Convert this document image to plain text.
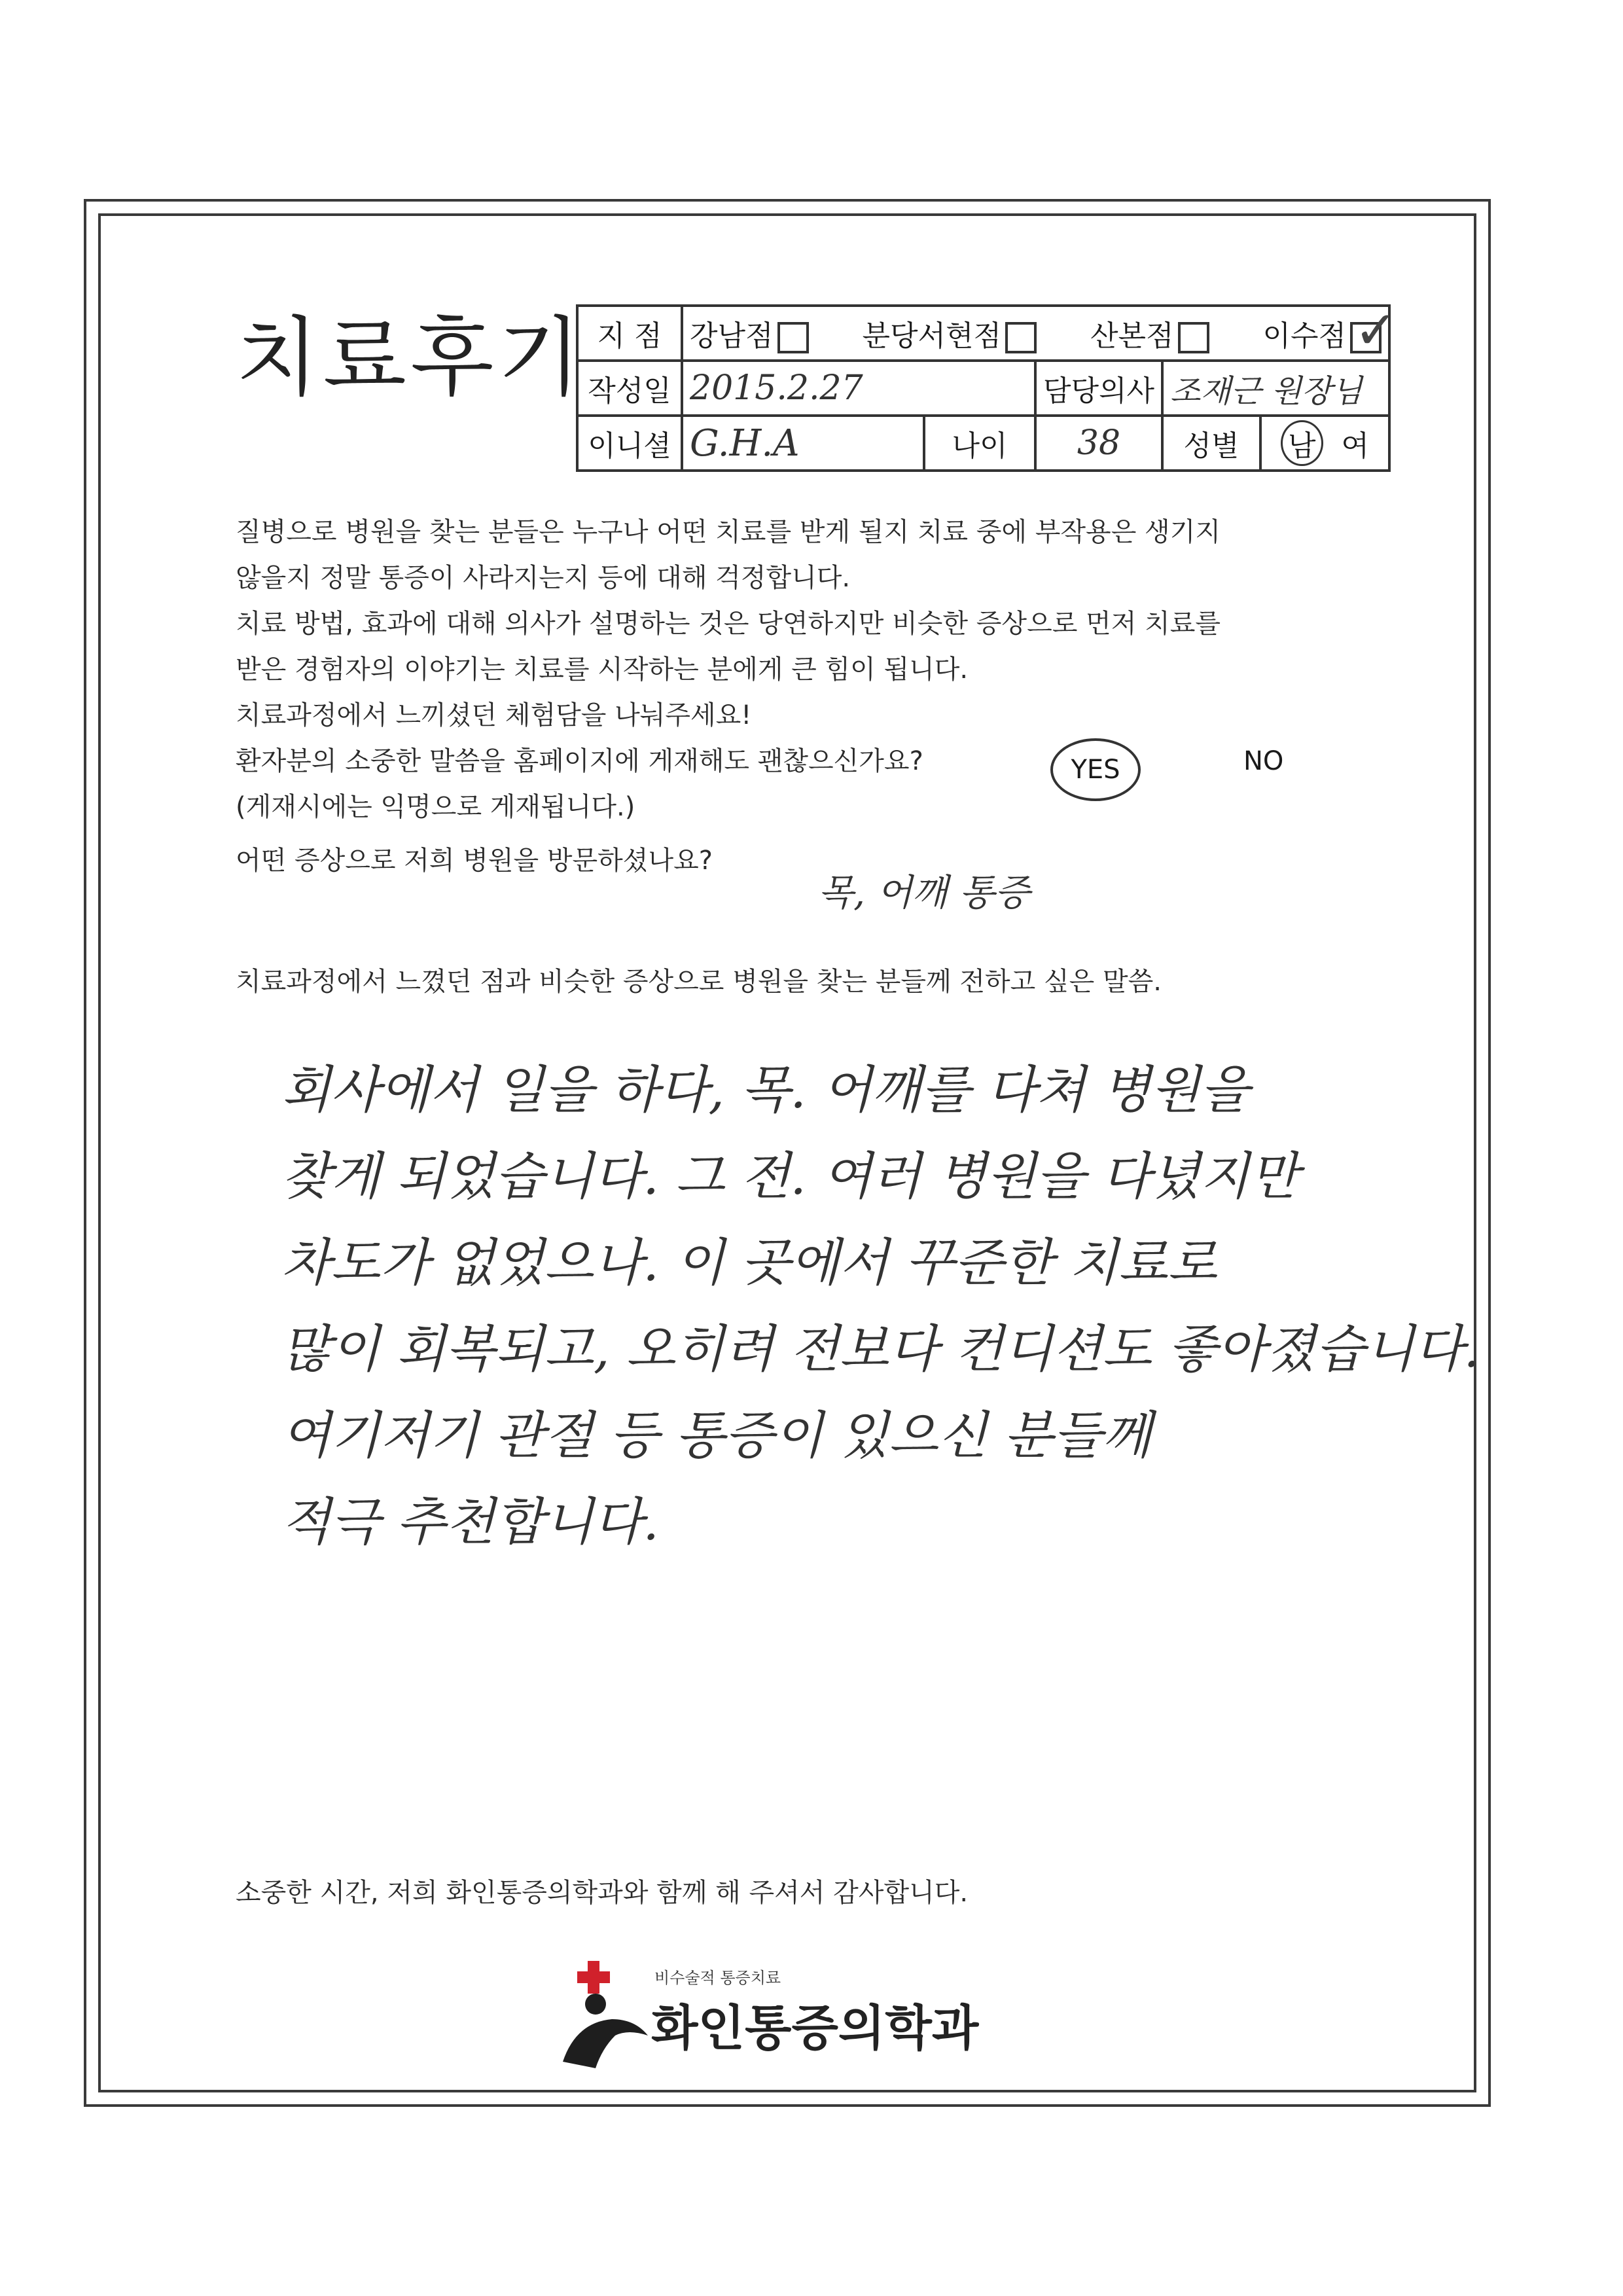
치료후기 지 점	강남점 분당서현점 산본점 이수점 ✓				

작성일	2015.2.27		담당의사	조재근 원장님	
이니셜	G.H.A	나이	38	성별	남 여
질병으로 병원을 찾는 분들은 누구나 어떤 치료를 받게 될지 치료 중에 부작용은 생기지
않을지 정말 통증이 사라지는지 등에 대해 걱정합니다.
치료 방법, 효과에 대해 의사가 설명하는 것은 당연하지만 비슷한 증상으로 먼저 치료를
받은 경험자의 이야기는 치료를 시작하는 분에게 큰 힘이 됩니다.
치료과정에서 느끼셨던 체험담을 나눠주세요!
환자분의 소중한 말씀을 홈페이지에 게재해도 괜찮으신가요?
(게재시에는 익명으로 게재됩니다.)
YES	NO
어떤 증상으로 저희 병원을 방문하셨나요?
목, 어깨 통증
치료과정에서 느꼈던 점과 비슷한 증상으로 병원을 찾는 분들께 전하고 싶은 말씀.
회사에서 일을 하다, 목. 어깨를 다쳐 병원을
찾게 되었습니다. 그 전. 여러 병원을 다녔지만
차도가 없었으나. 이 곳에서 꾸준한 치료로
많이 회복되고, 오히려 전보다 컨디션도 좋아졌습니다.
여기저기 관절 등 통증이 있으신 분들께
적극 추천합니다.
소중한 시간, 저희 화인통증의학과와 함께 해 주셔서 감사합니다.
비수술적 통증치료
화인통증의학과
